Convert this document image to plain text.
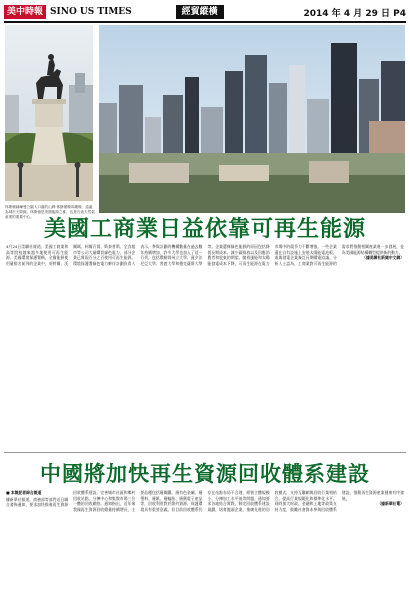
美中時報 SINO US TIMES	經貿縱橫	2014 年 4 月 29 日 P4
休斯頓赫爾曼公園入口處的山姆·休斯頓騎馬雕像，遠處為城市天際線。休斯頓是美國能源之都，也是石油天然氣產業的重要中心。 美國工商業日益依靠可再生能源
4月24日美聯社報道，美國工商業和高等院校越來越多地使用可再生能源。美國環境保護署稱，全國能源使用量排名前列的企業中，英特爾、沃爾瑪、柯爾百貨、斯泰普斯、全食超市等公司大量購買綠色電力，部分企業已實現百分之百使用可再生能源。環境保護署綠色電力夥伴計劃負責人表示，參與計劃的機構數量在過去數年持續增加，許多大學也加入了這一行列，包括俄勒岡州立大學、賓夕法尼亞大學、普渡大學和德克薩斯大學等。企業選擇綠色能源的原因包括降低長期成本、減少碳排放以及回應消費者和股東的期望。隨着風能和太陽能發電成本下降，可再生能源在電力市場中的競爭力不斷增強。一些企業還在自有設施上安裝太陽能電池板，或與發電企業簽訂長期購電協議。分析人士認為，工商業對可再生能源的需求將推動相關產業進一步發展，並為美國能源結構轉型提供新的動力。
（據美聯社新聞中文網）
中國將加快再生資源回收體系建設
■ 本報記者綜合報道
據新華社報道，商務部等部門近日聯合發佈通知，要求加快推進再生資源回收體系建設，完善城市社區和鄉村回收站點、分揀中心和集散市場三位一體的回收網絡。通知指出，近年來我國再生資源回收總量持續增長，主要品種包括廢鋼鐵、廢有色金屬、廢塑料、廢紙、廢輪胎、廢舊電子產品等，回收利用對於節約資源、保護環境具有重要意義。但目前回收體系仍存在站點布局不合理、經營主體規模小、分揀加工水平低等問題。通知要求各地結合實際，制定回收體系建設規劃，培育龍頭企業，推廣先進的回收模式，支持互聯網與回收行業相結合，提高行業規範化和標準化水平。同時加大財政、金融和土地等政策支持力度，鼓勵社會資本參與回收體系建設，推動再生資源產業健康有序發展。
（據新華社電）
